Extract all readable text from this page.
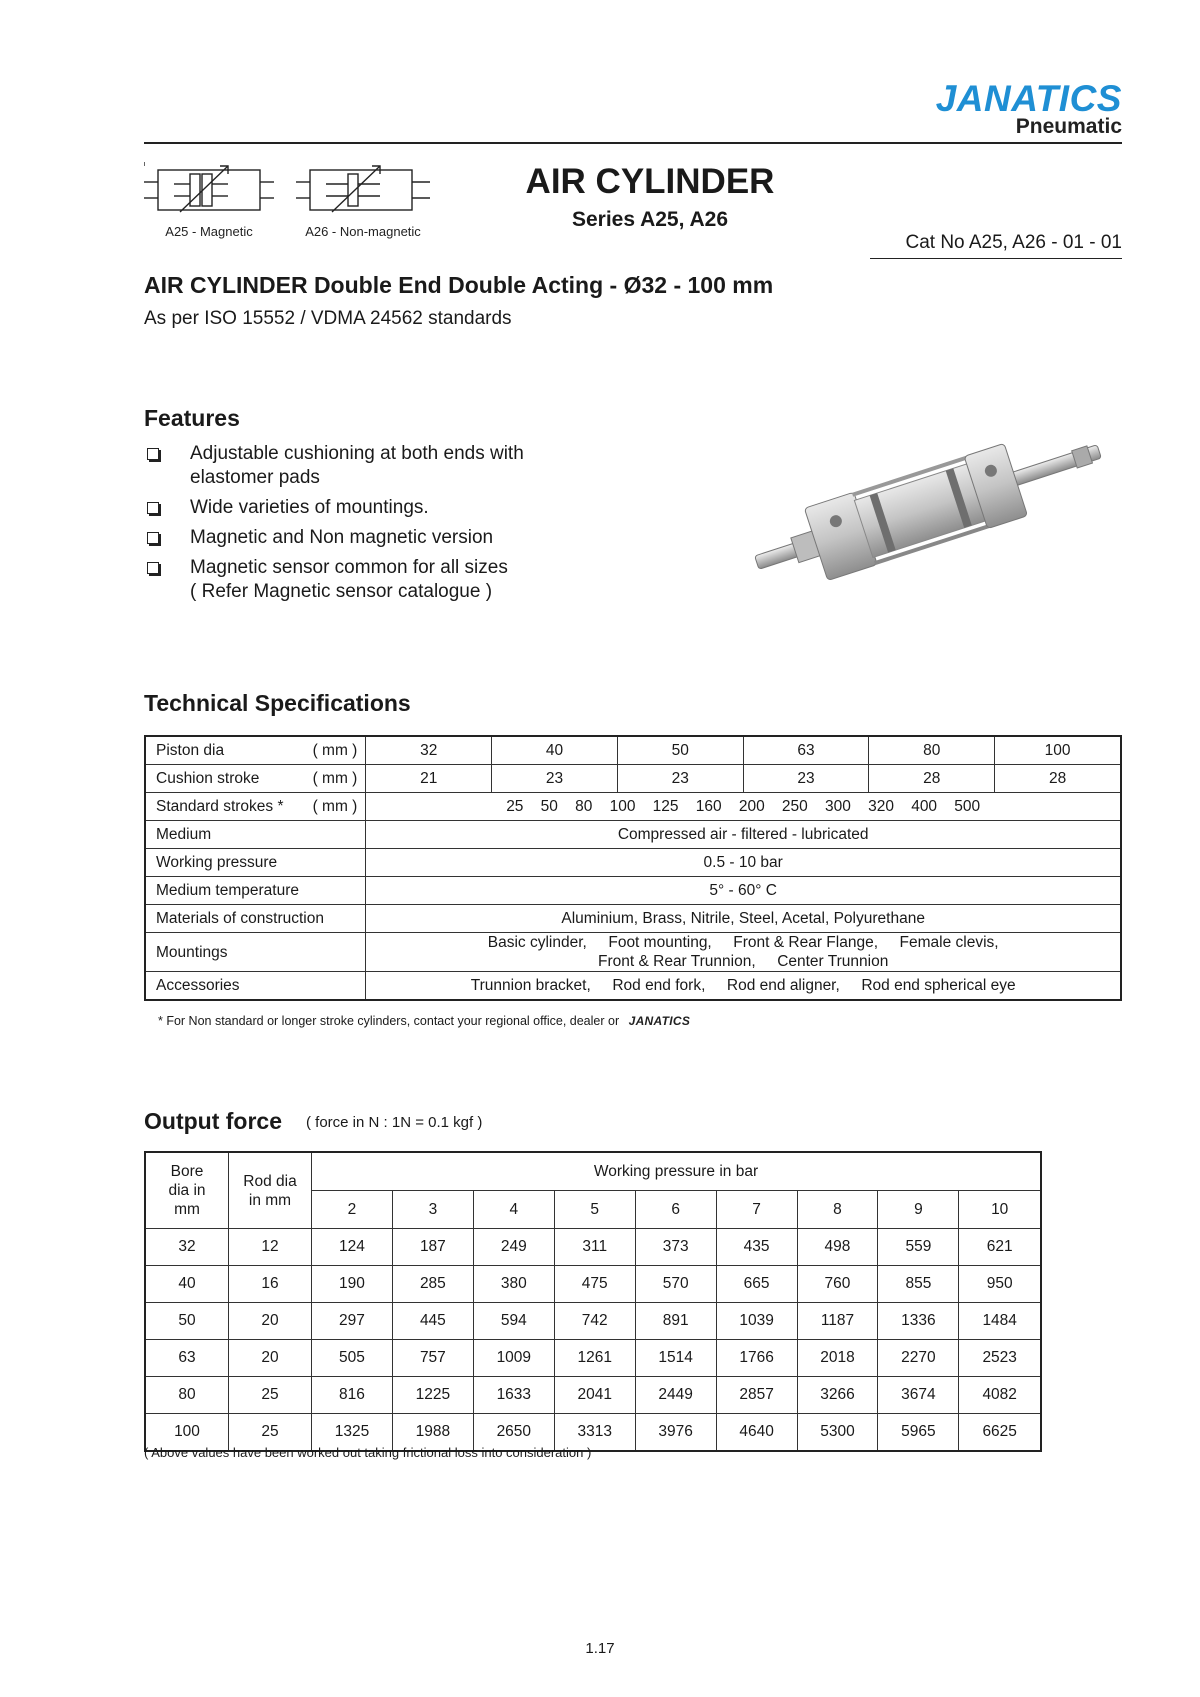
JANATICS
Pneumatic
A25 - Magnetic	A26 - Non-magnetic
AIR CYLINDER
Series A25, A26
Cat No A25, A26 - 01 - 01
AIR CYLINDER Double End Double Acting - Ø32 - 100 mm
As per ISO 15552 / VDMA 24562 standards
Features
Adjustable cushioning at both ends with
elastomer pads
Wide varieties of mountings.
Magnetic and Non magnetic version
Magnetic sensor common for all sizes
( Refer Magnetic sensor catalogue )
Technical Specifications
Piston dia ( mm )	32	40	50	63	80	100
Cushion stroke ( mm )	21	23	23	23	28	28
Standard strokes * ( mm )	25    50    80    100    125    160    200    250    300    320    400    500					
Medium	Compressed air - filtered - lubricated					
Working pressure	0.5 - 10 bar					
Medium temperature	5° - 60° C					
Materials of construction	Aluminium, Brass, Nitrile, Steel, Acetal, Polyurethane					
Mountings	Basic cylinder,     Foot mounting,     Front & Rear Flange,     Female clevis,
Front & Rear Trunnion,     Center Trunnion					
Accessories	Trunnion bracket,     Rod end fork,     Rod end aligner,     Rod end spherical eye					
* For Non standard or longer stroke cylinders, contact your regional office, dealer or JANATICS
Output force ( force in N : 1N = 0.1 kgf )
Bore
dia in
mm	Rod dia
in mm	Working pressure in bar								
		2	3	4	5	6	7	8	9	10
32	12	124	187	249	311	373	435	498	559	621
40	16	190	285	380	475	570	665	760	855	950
50	20	297	445	594	742	891	1039	1187	1336	1484
63	20	505	757	1009	1261	1514	1766	2018	2270	2523
80	25	816	1225	1633	2041	2449	2857	3266	3674	4082
100	25	1325	1988	2650	3313	3976	4640	5300	5965	6625
( Above values have been worked out taking frictional loss into consideration )
1.17
